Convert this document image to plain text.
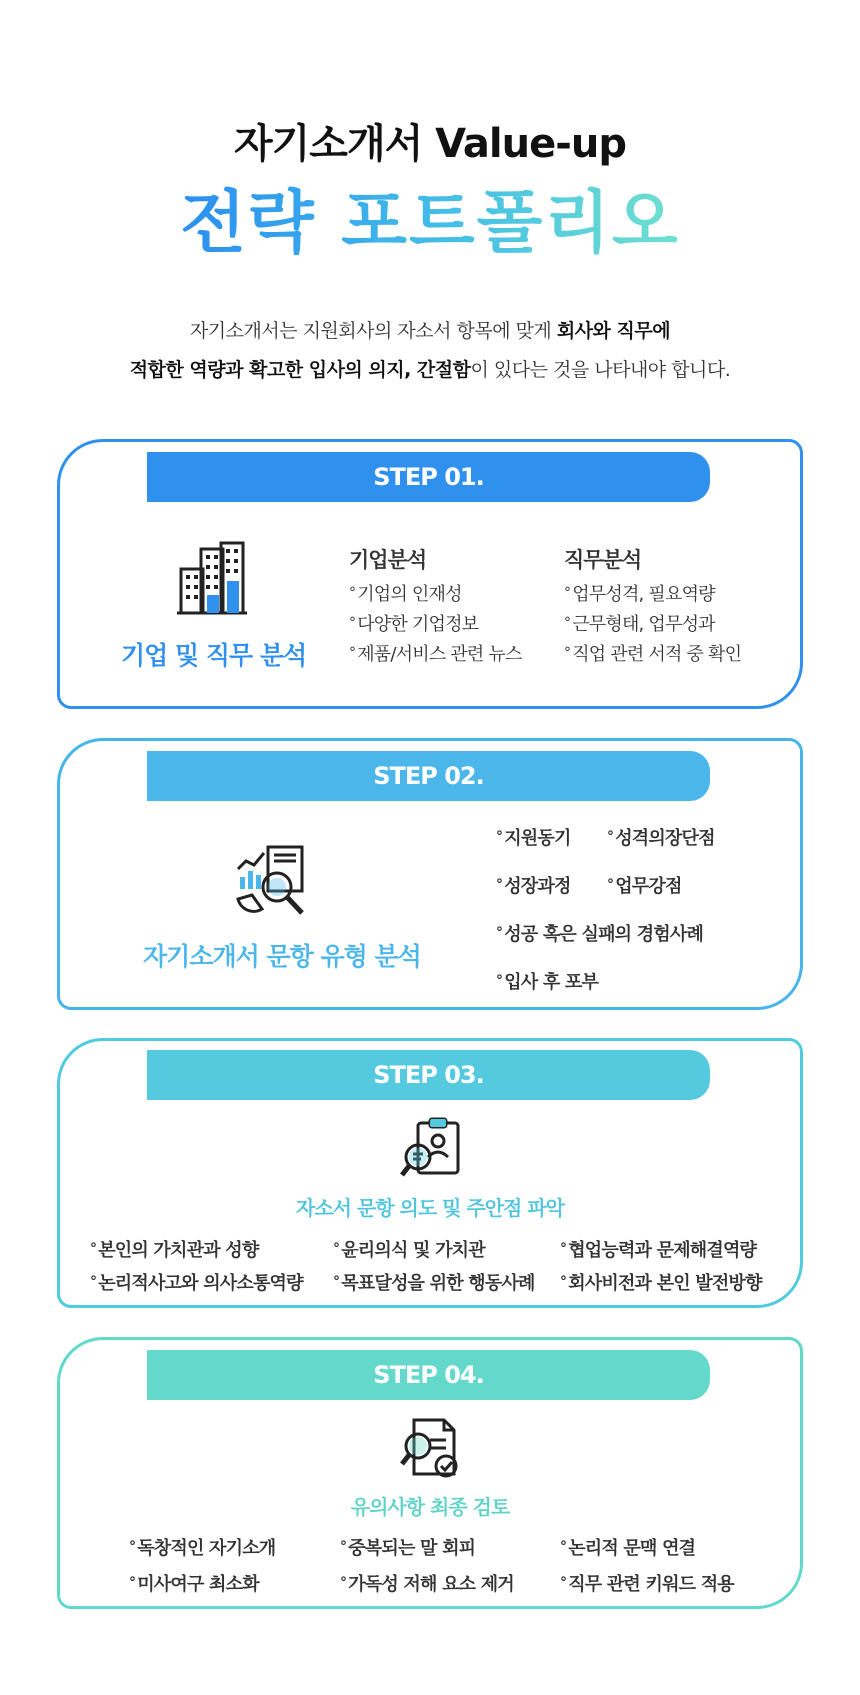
자기소개서 Value-up
전략 포트폴리오
자기소개서는 지원회사의 자소서 항목에 맞게 회사와 직무에
적합한 역량과 확고한 입사의 의지, 간절함이 있다는 것을 나타내야 합니다.
STEP 01.
기업 및 직무 분석
기업분석
° 기업의 인재성
° 다양한 기업정보
° 제품/서비스 관련 뉴스
직무분석
° 업무성격, 필요역량
° 근무형태, 업무성과
° 직업 관련 서적 중 확인
STEP 02.
자기소개서 문항 유형 분석
° 지원동기	° 성격의장단점
° 성장과정	° 업무강점
° 성공 혹은 실패의 경험사례
° 입사 후 포부
STEP 03.
자소서 문항 의도 및 주안점 파악
° 본인의 가치관과 성향	° 윤리의식 및 가치관	° 협업능력과 문제해결역량
° 논리적사고와 의사소통역량	° 목표달성을 위한 행동사례	° 회사비전과 본인 발전방향
STEP 04.
유의사항 최종 검토
° 독창적인 자기소개	° 중복되는 말 회피	° 논리적 문맥 연결
° 미사여구 최소화	° 가독성 저해 요소 제거	° 직무 관련 키워드 적용
